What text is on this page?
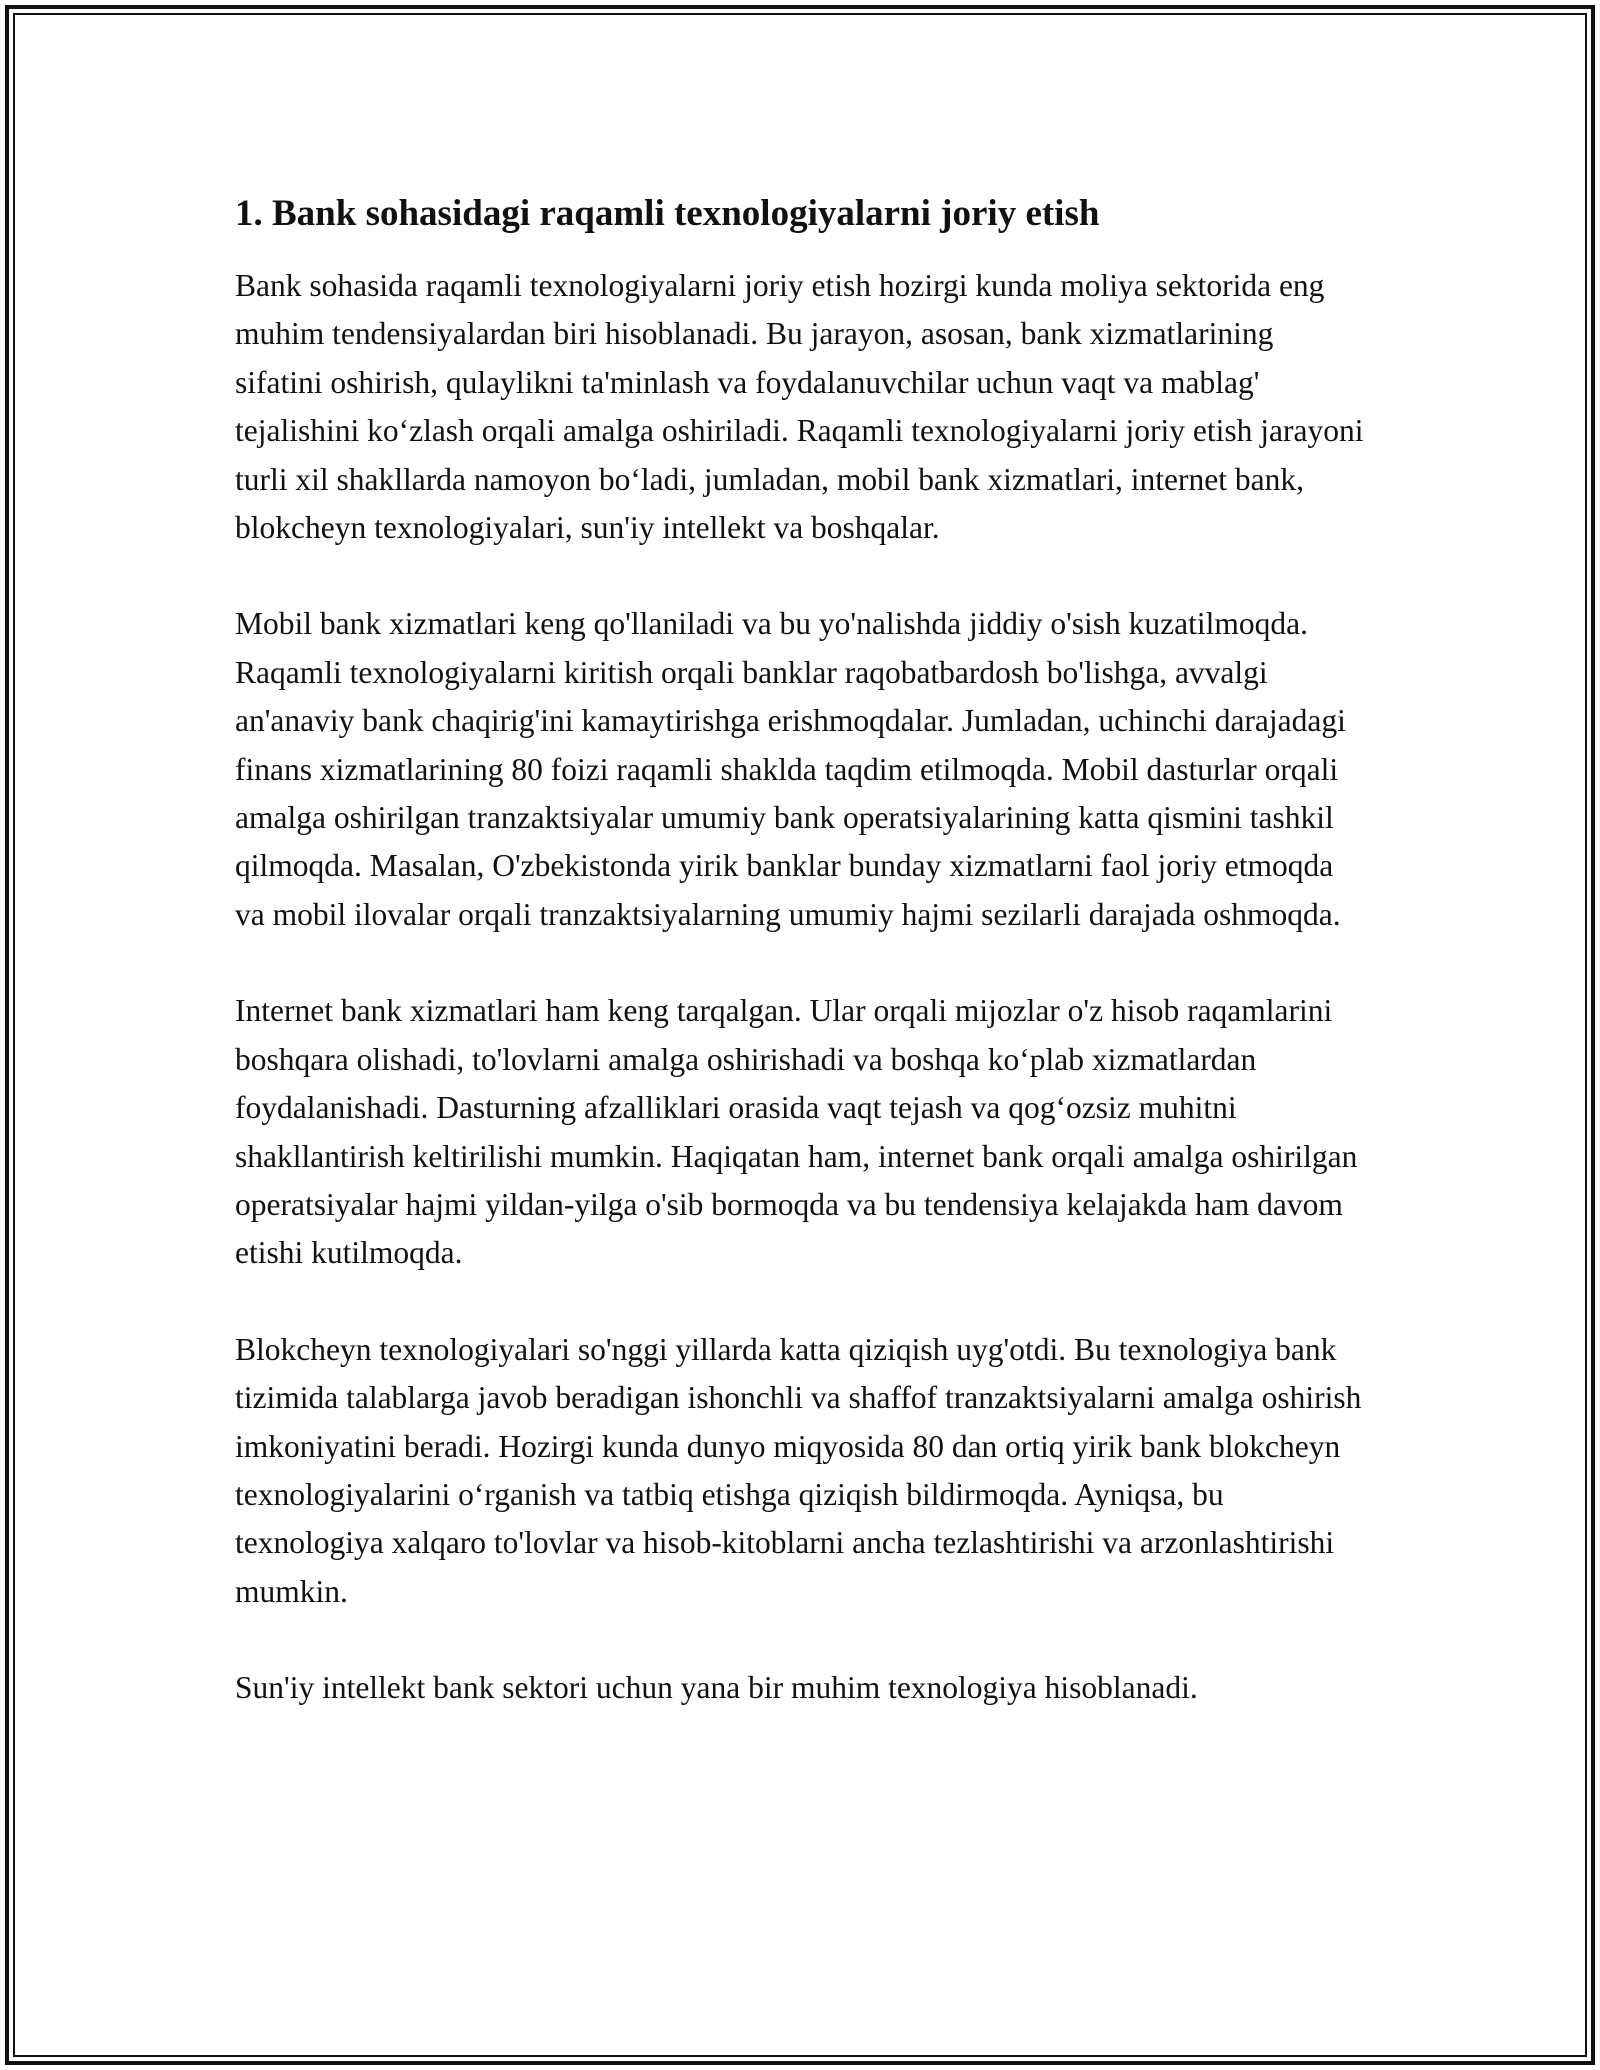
1. Bank sohasidagi raqamli texnologiyalarni joriy etish

Bank sohasida raqamli texnologiyalarni joriy etish hozirgi kunda moliya sektorida eng muhim tendensiyalardan biri hisoblanadi. Bu jarayon, asosan, bank xizmatlarining sifatini oshirish, qulaylikni ta'minlash va foydalanuvchilar uchun vaqt va mablag' tejalishini ko‘zlash orqali amalga oshiriladi. Raqamli texnologiyalarni joriy etish jarayoni turli xil shakllarda namoyon bo‘ladi, jumladan, mobil bank xizmatlari, internet bank, blokcheyn texnologiyalari, sun'iy intellekt va boshqalar.

Mobil bank xizmatlari keng qo'llaniladi va bu yo'nalishda jiddiy o'sish kuzatilmoqda. Raqamli texnologiyalarni kiritish orqali banklar raqobatbardosh bo'lishga, avvalgi an'anaviy bank chaqirig'ini kamaytirishga erishmoqdalar. Jumladan, uchinchi darajadagi finans xizmatlarining 80 foizi raqamli shaklda taqdim etilmoqda. Mobil dasturlar orqali amalga oshirilgan tranzaktsiyalar umumiy bank operatsiyalarining katta qismini tashkil qilmoqda. Masalan, O'zbekistonda yirik banklar bunday xizmatlarni faol joriy etmoqda va mobil ilovalar orqali tranzaktsiyalarning umumiy hajmi sezilarli darajada oshmoqda.

Internet bank xizmatlari ham keng tarqalgan. Ular orqali mijozlar o'z hisob raqamlarini boshqara olishadi, to'lovlarni amalga oshirishadi va boshqa ko‘plab xizmatlardan foydalanishadi. Dasturning afzalliklari orasida vaqt tejash va qog‘ozsiz muhitni shakllantirish keltirilishi mumkin. Haqiqatan ham, internet bank orqali amalga oshirilgan operatsiyalar hajmi yildan-yilga o'sib bormoqda va bu tendensiya kelajakda ham davom etishi kutilmoqda.

Blokcheyn texnologiyalari so'nggi yillarda katta qiziqish uyg'otdi. Bu texnologiya bank tizimida talablarga javob beradigan ishonchli va shaffof tranzaktsiyalarni amalga oshirish imkoniyatini beradi. Hozirgi kunda dunyo miqyosida 80 dan ortiq yirik bank blokcheyn texnologiyalarini o‘rganish va tatbiq etishga qiziqish bildirmoqda. Ayniqsa, bu texnologiya xalqaro to'lovlar va hisob-kitoblarni ancha tezlashtirishi va arzonlashtirishi mumkin.

Sun'iy intellekt bank sektori uchun yana bir muhim texnologiya hisoblanadi.
